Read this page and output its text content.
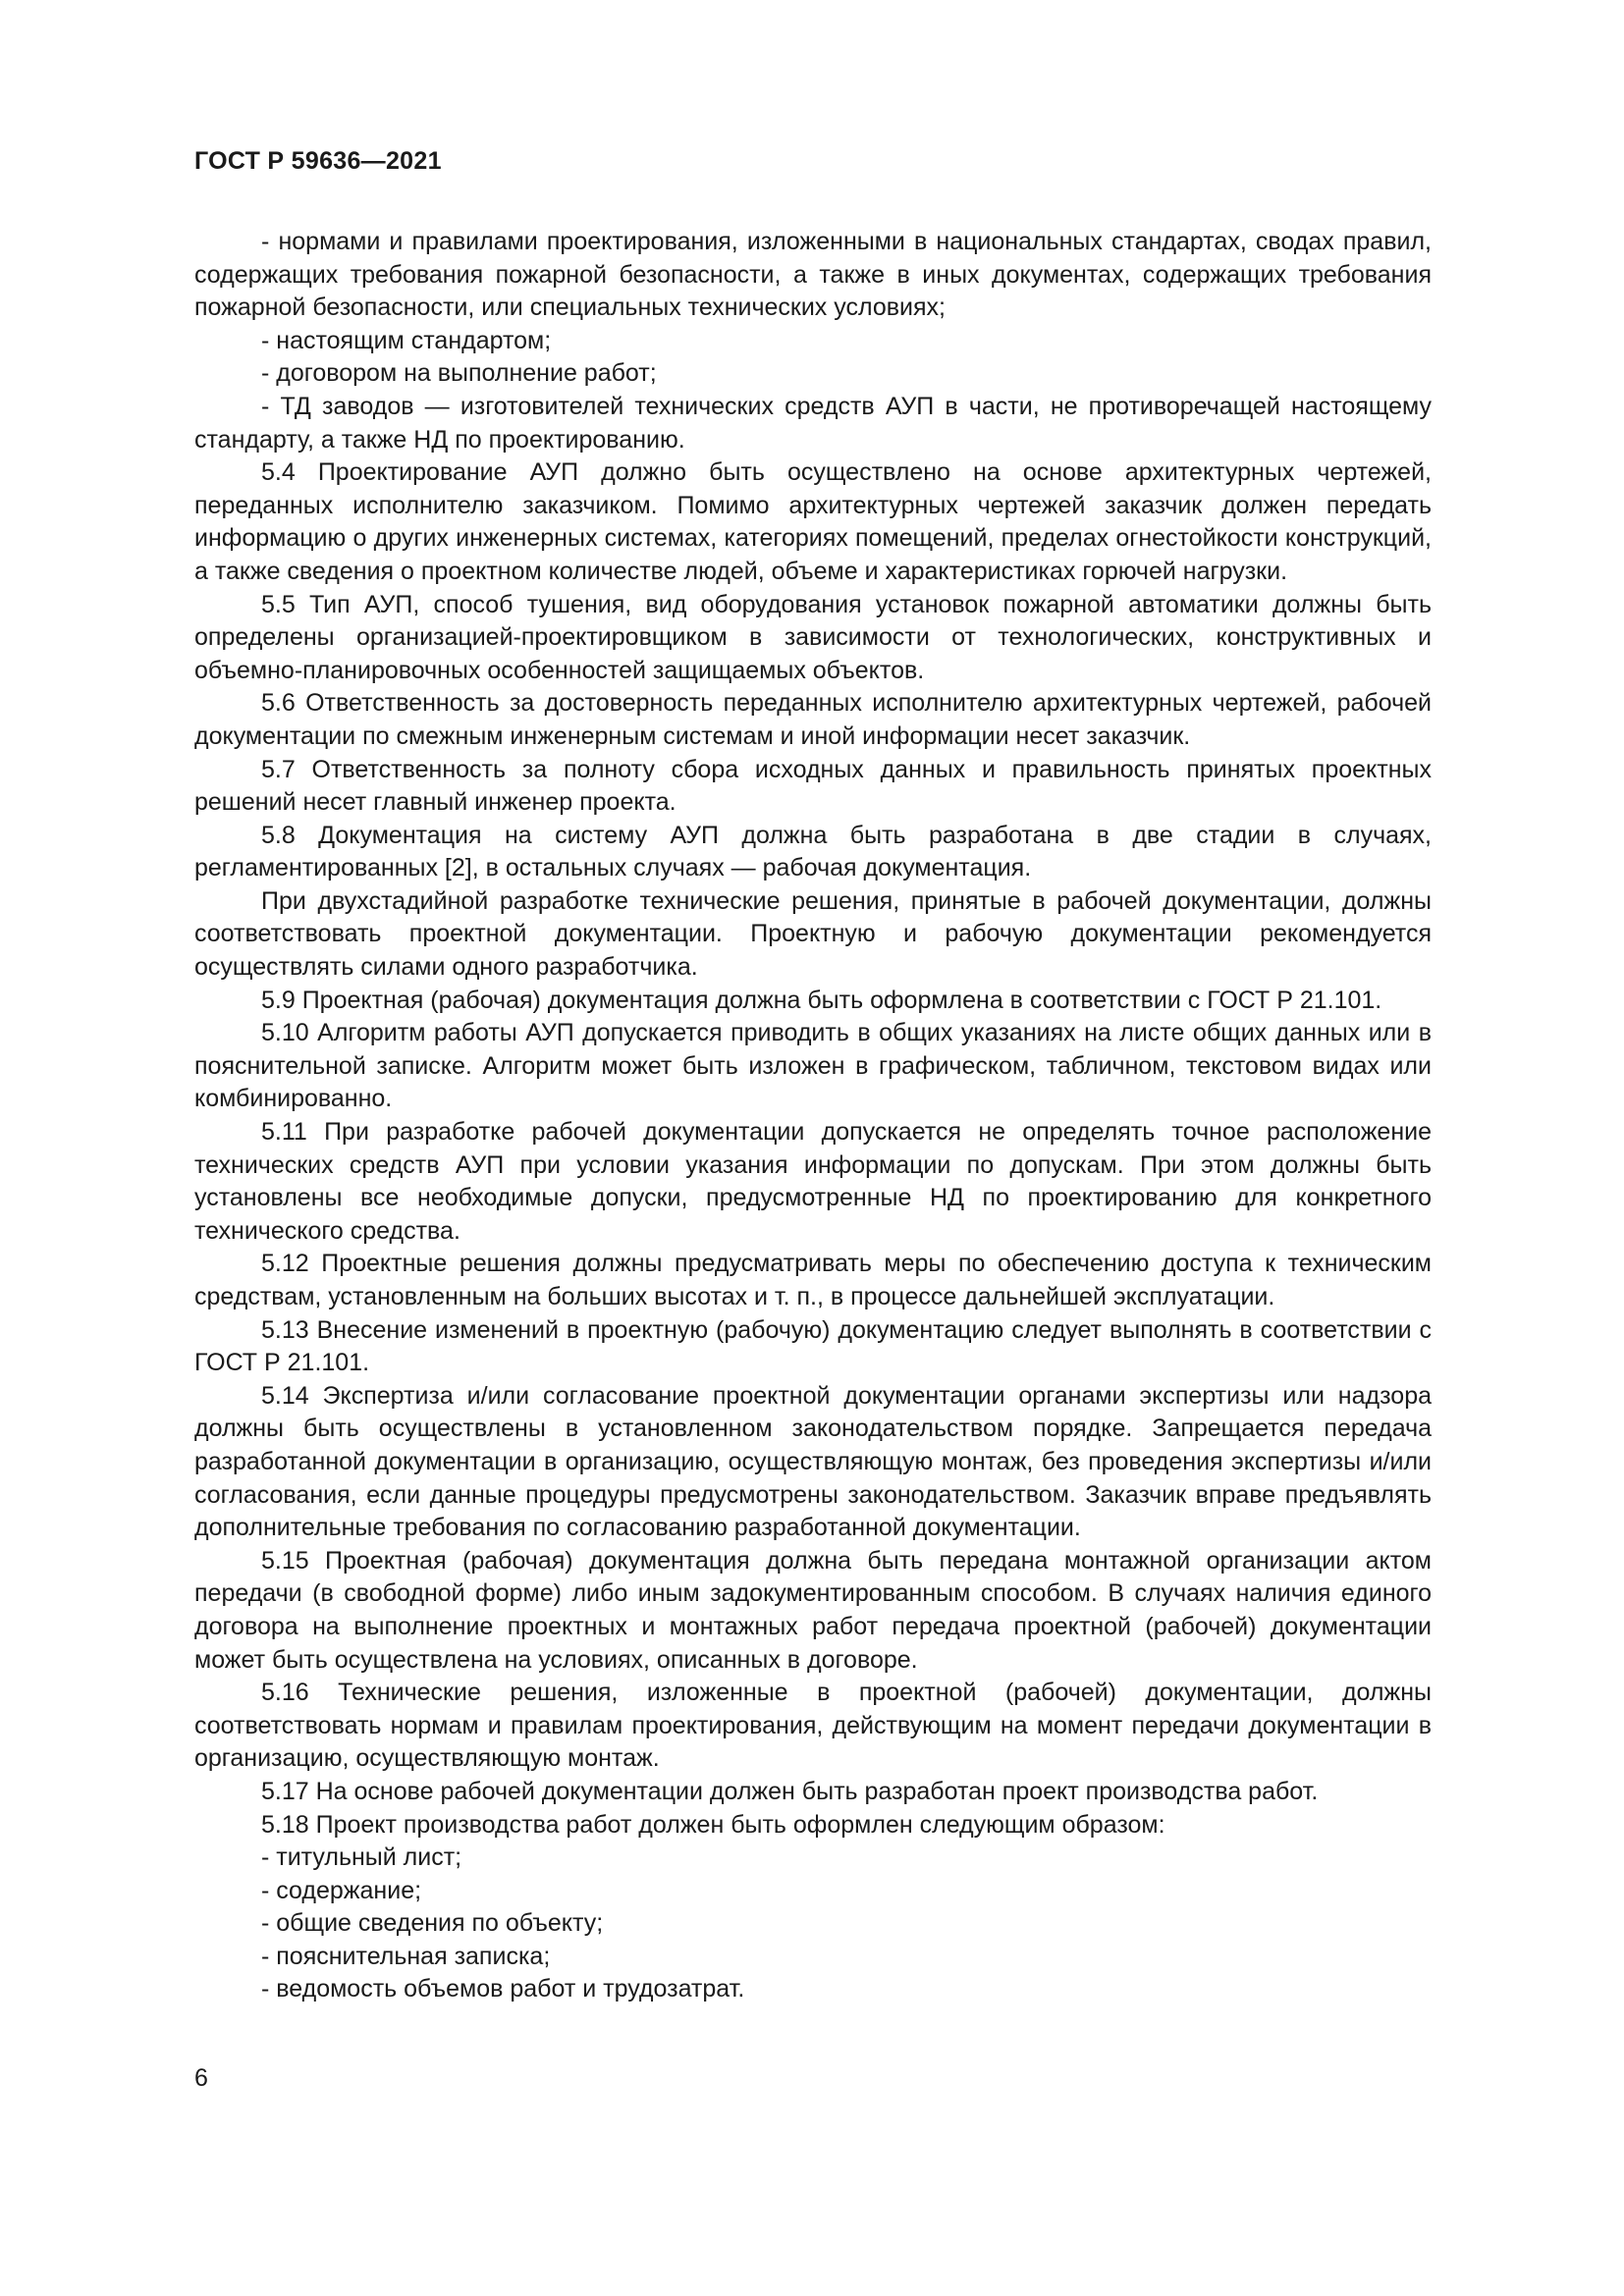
ГОСТ Р 59636—2021

- нормами и правилами проектирования, изложенными в национальных стандартах, сводах правил, содержащих требования пожарной безопасности, а также в иных документах, содержащих требования пожарной безопасности, или специальных технических условиях;

- настоящим стандартом;

- договором на выполнение работ;

- ТД заводов — изготовителей технических средств АУП в части, не противоречащей настоящему стандарту, а также НД по проектированию.

5.4 Проектирование АУП должно быть осуществлено на основе архитектурных чертежей, переданных исполнителю заказчиком. Помимо архитектурных чертежей заказчик должен передать информацию о других инженерных системах, категориях помещений, пределах огнестойкости конструкций, а также сведения о проектном количестве людей, объеме и характеристиках горючей нагрузки.

5.5 Тип АУП, способ тушения, вид оборудования установок пожарной автоматики должны быть определены организацией-проектировщиком в зависимости от технологических, конструктивных и объемно-планировочных особенностей защищаемых объектов.

5.6 Ответственность за достоверность переданных исполнителю архитектурных чертежей, рабочей документации по смежным инженерным системам и иной информации несет заказчик.

5.7 Ответственность за полноту сбора исходных данных и правильность принятых проектных решений несет главный инженер проекта.

5.8 Документация на систему АУП должна быть разработана в две стадии в случаях, регламентированных [2], в остальных случаях — рабочая документация.

При двухстадийной разработке технические решения, принятые в рабочей документации, должны соответствовать проектной документации. Проектную и рабочую документации рекомендуется осуществлять силами одного разработчика.

5.9 Проектная (рабочая) документация должна быть оформлена в соответствии с ГОСТ Р 21.101.

5.10 Алгоритм работы АУП допускается приводить в общих указаниях на листе общих данных или в пояснительной записке. Алгоритм может быть изложен в графическом, табличном, текстовом видах или комбинированно.

5.11 При разработке рабочей документации допускается не определять точное расположение технических средств АУП при условии указания информации по допускам. При этом должны быть установлены все необходимые допуски, предусмотренные НД по проектированию для конкретного технического средства.

5.12 Проектные решения должны предусматривать меры по обеспечению доступа к техническим средствам, установленным на больших высотах и т. п., в процессе дальнейшей эксплуатации.

5.13 Внесение изменений в проектную (рабочую) документацию следует выполнять в соответствии с ГОСТ Р 21.101.

5.14 Экспертиза и/или согласование проектной документации органами экспертизы или надзора должны быть осуществлены в установленном законодательством порядке. Запрещается передача разработанной документации в организацию, осуществляющую монтаж, без проведения экспертизы и/или согласования, если данные процедуры предусмотрены законодательством. Заказчик вправе предъявлять дополнительные требования по согласованию разработанной документации.

5.15 Проектная (рабочая) документация должна быть передана монтажной организации актом передачи (в свободной форме) либо иным задокументированным способом. В случаях наличия единого договора на выполнение проектных и монтажных работ передача проектной (рабочей) документации может быть осуществлена на условиях, описанных в договоре.

5.16 Технические решения, изложенные в проектной (рабочей) документации, должны соответствовать нормам и правилам проектирования, действующим на момент передачи документации в организацию, осуществляющую монтаж.

5.17 На основе рабочей документации должен быть разработан проект производства работ.

5.18 Проект производства работ должен быть оформлен следующим образом:

- титульный лист;

- содержание;

- общие сведения по объекту;

- пояснительная записка;

- ведомость объемов работ и трудозатрат.

6
